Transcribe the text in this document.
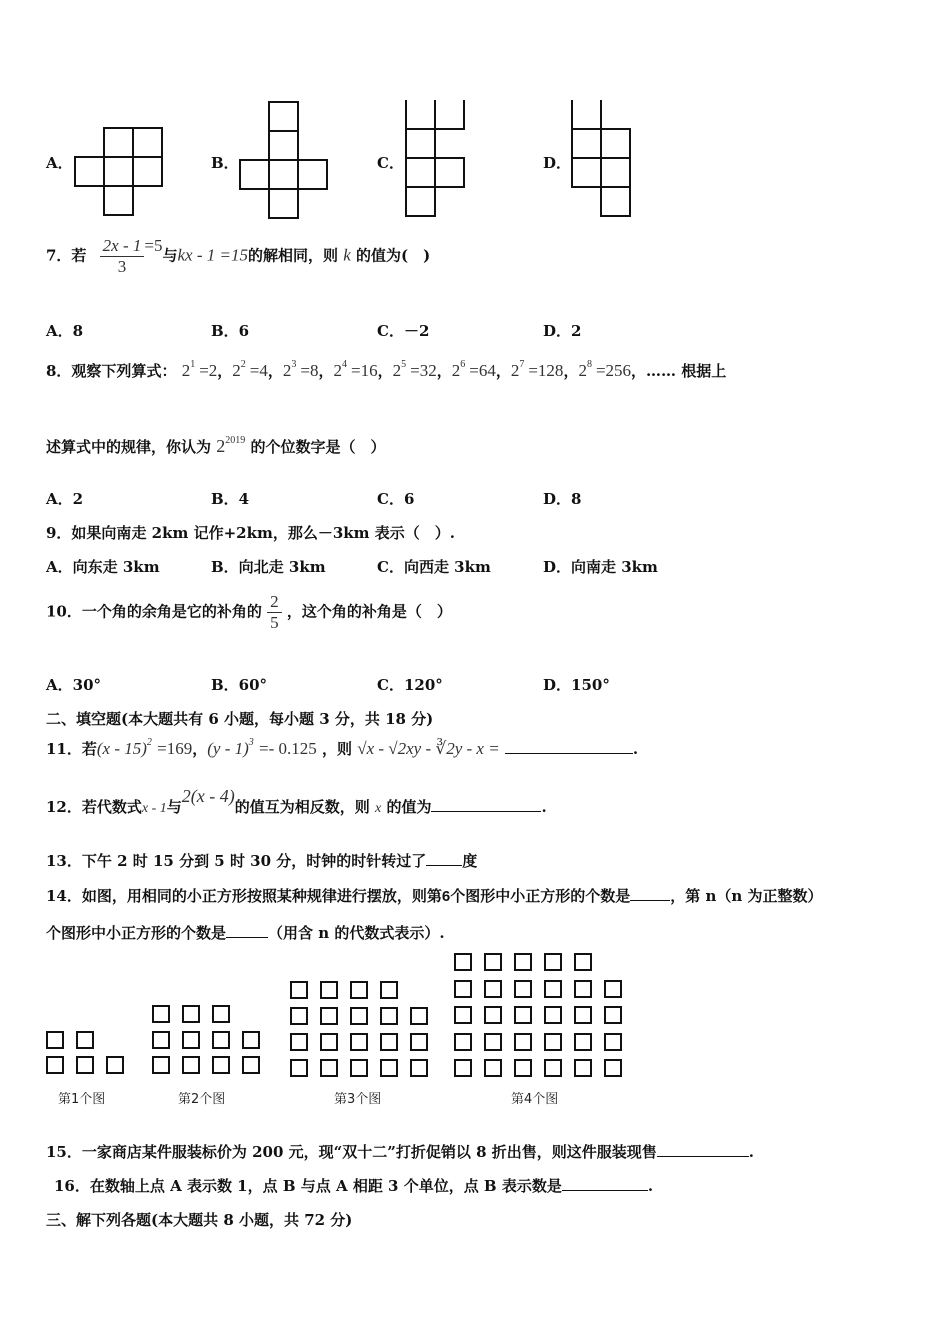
A．	B．	C．	D．
7．若 $\frac{2x - 1}{3} =5$与kx - 1 =15的解相同，则 k 的值为(　)
A．8	B．6	C．－2	D．2
8．观察下列算式： $2^1 =2$，$2^2 =4$，$2^3 =8$，$2^4 =16$，$2^5 =32$，$2^6 =64$，$2^7 =128$，$2^8 =256$，…… 根据上
述算式中的规律，你认为 $2^{2019}$ 的个位数字是（　）
A．2	B．4	C．6	D．8
9．如果向南走 2km 记作+2km，那么－3km 表示（　）.
A．向东走 3km	B．向北走 3km	C．向西走 3km	D．向南走 3km
10．一个角的余角是它的补角的 $\frac{2}{5}$ ，这个角的补角是（　）
A．30°	B．60°	C．120°	D．150°
二、填空题(本大题共有 6 小题，每小题 3 分，共 18 分)
11．若(x - 15)$^2$ =169，(y - 1)$^3$ =- 0.125 ，则 √x - √2xy - ∛2y - x =	.
12．若代数式x - 1与2(x - 4)的值互为相反数，则 x 的值为	.
13．下午 2 时 15 分到 5 时 30 分，时钟的时针转过了 度
14．如图，用相同的小正方形按照某种规律进行摆放，则第6个图形中小正方形的个数是	，第 n（n 为正整数）
个图形中小正方形的个数是	（用含 n 的代数式表示）.
第1个图	第2个图	第3个图	第4个图
15．一家商店某件服装标价为 200 元，现“双十二”打折促销以 8 折出售，则这件服装现售	.
16．在数轴上点 A 表示数 1，点 B 与点 A 相距 3 个单位，点 B 表示数是	.
三、解下列各题(本大题共 8 小题，共 72 分)
